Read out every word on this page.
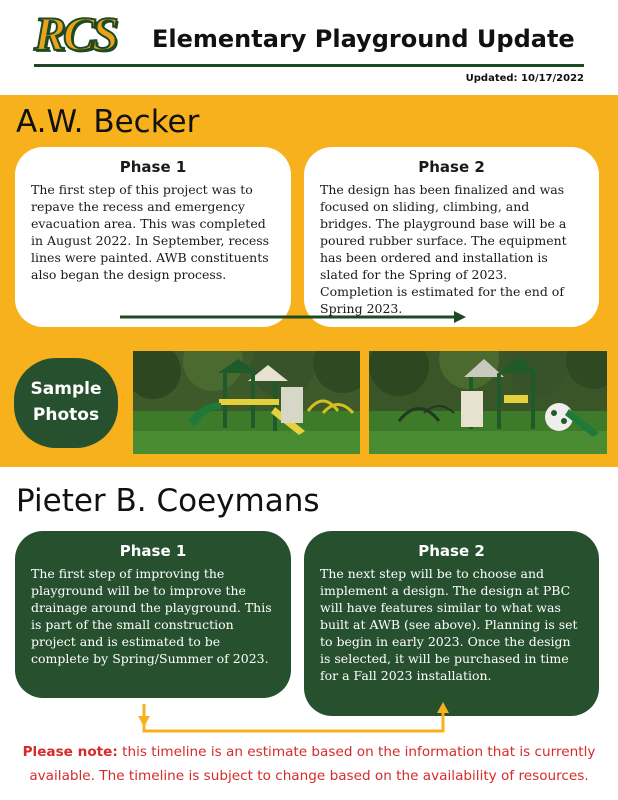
RCS	Elementary Playground Update
Updated: 10/17/2022
A.W. Becker
Phase 1
The first step of this project was to repave the recess and emergency evacuation area. This was completed in August 2022. In September, recess lines were painted. AWB constituents also began the design process.
Phase 2
The design has been finalized and was focused on sliding, climbing, and bridges. The playground base will be a poured rubber surface. The equipment has been ordered and installation is slated for the Spring of 2023. Completion is estimated for the end of Spring 2023.
Sample
Photos
Pieter B. Coeymans
Phase 1
The first step of improving the playground will be to improve the drainage around the playground. This is part of the small construction project and is estimated to be complete by Spring/Summer of 2023.
Phase 2
The next step will be to choose and implement a design. The design at PBC will have features similar to what was built at AWB (see above). Planning is set to begin in early 2023. Once the design is selected, it will be purchased in time for a Fall 2023 installation.
Please note: this timeline is an estimate based on the information that is currently available. The timeline is subject to change based on the availability of resources.
